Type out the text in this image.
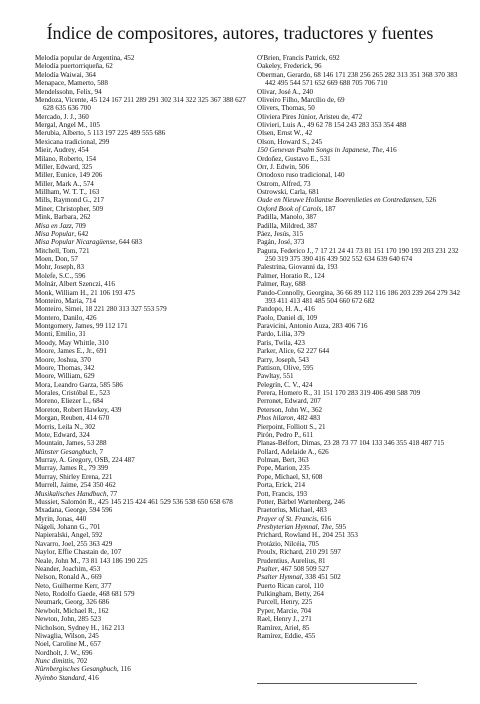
Índice de compositores, autores, traductores y fuentes
Melodía popular de Argentina, 452
Melodía puertorriqueña, 62
Melodía Waiwai, 364
Menapace, Mamerto, 588
Mendelssohn, Felix, 94
Mendoza, Vicente, 45 124 167 211 289 291 302 314 322 325 367 388 627 628 635 636 700
Mercado, J. J., 360
Mergal, Angel M., 105
Merubia, Alberto, 5 113 197 225 489 555 686
Mexicana tradicional, 299
Mieir, Audrey, 454
Milano, Roberto, 154
Miller, Edward, 325
Miller, Eunice, 149 206
Miller, Mark A., 574
Millham, W. T. T., 163
Mills, Raymond G., 217
Miner, Christopher, 509
Mink, Barbara, 262
Misa en Jazz, 709
Misa Popular, 642
Misa Popular Nicaragüense, 644 683
Mitchell, Tom, 721
Moen, Don, 57
Mohr, Joseph, 83
Molefe, S.C., 596
Molnár, Albert Szenczi, 416
Monk, William H., 21 106 193 475
Monteiro, Maria, 714
Monteiro, Simei, 18 221 280 313 327 553 579
Montero, Danilo, 426
Montgomery, James, 99 112 171
Monti, Emilio, 31
Moody, May Whittle, 310
Moore, James E., Jr., 691
Moore, Joshua, 370
Moore, Thomas, 342
Moore, William, 629
Mora, Leandro Garza, 585 586
Morales, Cristóbal E., 523
Moreno, Eliezer L., 684
Moreton, Robert Hawkey, 439
Morgan, Reuben, 414 670
Morris, Leila N., 302
Mote, Edward, 324
Mountain, James, 53 288
Münster Gesangbuch, 7
Murray, A. Gregory, OSB, 224 487
Murray, James R., 79 399
Murray, Shirley Erena, 221
Murrell, Jaime, 254 350 462
Musikalisches Handbuch, 77
Mussiet, Salomón R., 425 145 215 424 461 529 536 538 650 658 678
Mxadana, George, 594 596
Myrin, Jonas, 440
Nägeli, Johann G., 701
Napieralski, Angel, 592
Navarro, Joel, 255 363 429
Naylor, Effie Chastain de, 107
Neale, John M., 73 81 143 186 190 225
Neander, Joachim, 453
Nelson, Ronald A., 669
Neto, Guilherme Kerr, 377
Neto, Rodolfo Gaede, 468 681 579
Neumark, Georg, 326 686
Newbolt, Michael R., 162
Newton, John, 285 523
Nicholson, Sydney H., 162 213
Niwaglia, Wilson, 245
Noel, Caroline M., 657
Nordholt, J. W., 696
Nunc dimittis, 702
Nürnbergisches Gesangbuch, 116
Nyimbo Standard, 416
O'Brien, Francis Patrick, 692
Oakeley, Frederick, 96
Oberman, Gerardo, 68 146 171 238 256 265 282 313 351 368 370 383 442 495 544 571 652 669 688 705 706 710
Olivar, José A., 240
Oliveiro Filho, Marcílio de, 69
Olivers, Thomas, 50
Oliviera Pires Júnior, Aristeu de, 472
Olivieri, Luis A., 49 62 78 154 243 283 353 354 488
Olsen, Ernst W., 42
Olson, Howard S., 245
150 Genevan Psalm Songs in Japanese, The, 416
Ordoñez, Gustavo E., 531
Orr, J. Edwin, 506
Ortodoxo ruso tradicional, 140
Ostrom, Alfred, 73
Ostrowski, Carla, 681
Oude en Nieuwe Hollantse Boerenlieties en Contredansen, 526
Oxford Book of Carols, 187
Padilla, Manolo, 387
Padilla, Mildred, 387
Páez, Jesús, 315
Pagán, José, 373
Pagura, Federico J., 7 17 21 24 41 73 81 151 170 190 193 203 231 232 250 319 375 390 416 439 502 552 634 639 640 674
Palestrina, Giovanni da, 193
Palmer, Horatio R., 124
Palmer, Ray, 688
Pando-Connolly, Georgina, 36 66 89 112 116 186 203 239 264 279 342 393 411 413 481 485 504 660 672 682
Pandopo, H. A., 416
Paolo, Daniel di, 109
Paravicini, Antonio Auza, 283 406 716
Pardo, Lilia, 379
Paris, Twila, 423
Parker, Alice, 62 227 644
Parry, Joseph, 543
Pattison, Olive, 595
Pawltay, 551
Pelegrín, C. V., 424
Perera, Homero R., 31 151 170 283 319 406 498 588 709
Perronet, Edward, 207
Peterson, John W., 362
Phos hilaron, 482 483
Pierpoint, Folliott S., 21
Pirón, Pedro P., 611
Planas-Belfort, Dimas, 23 28 73 77 104 133 346 355 418 487 715
Pollard, Adelaide A., 626
Polman, Bert, 363
Pope, Marion, 235
Pope, Michael, SJ, 608
Porta, Erick, 214
Pott, Francis, 193
Potter, Bärbel Wartenberg, 246
Praetorius, Michael, 483
Prayer of St. Francis, 616
Presbyterian Hymnal, The, 595
Prichard, Rowland H., 204 251 353
Protázio, Nilcéia, 705
Proulx, Richard, 210 291 597
Prudentius, Aurelius, 81
Psalter, 467 508 509 527
Psalter Hymnal, 338 451 502
Puerto Rican carol, 110
Pulkingham, Betty, 264
Purcell, Henry, 225
Pyper, Marcie, 704
Rael, Henry J., 271
Ramírez, Ariel, 85
Ramírez, Eddie, 455
